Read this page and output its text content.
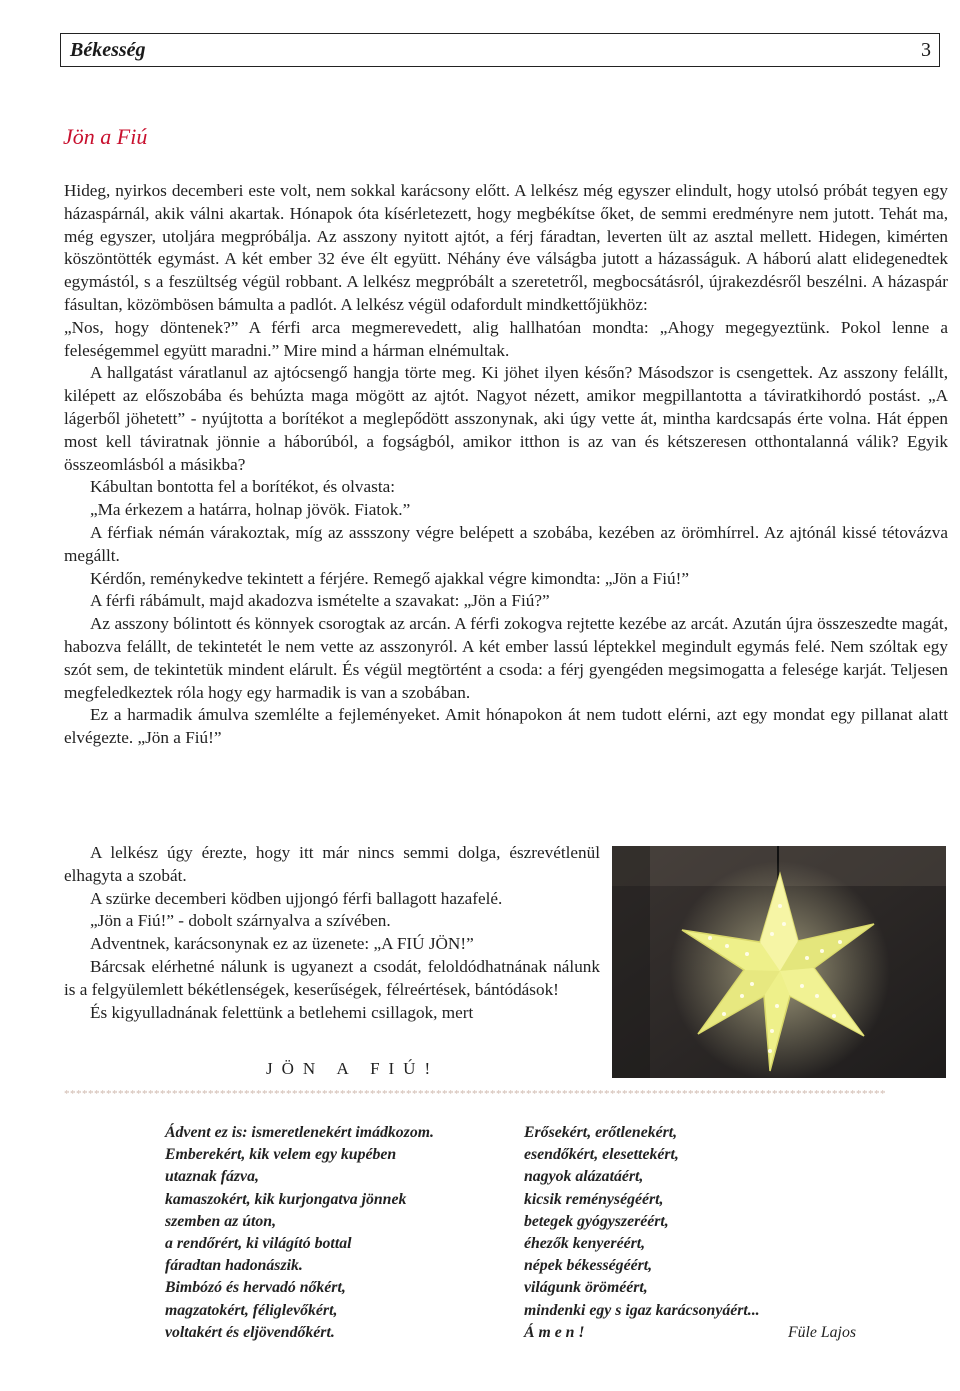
Békesség	3
Jön a Fiú

Hideg, nyirkos decemberi este volt, nem sokkal karácsony előtt. A lelkész még egyszer elindult, hogy utolsó próbát tegyen egy házaspárnál, akik válni akartak. Hónapok óta kísérletezett, hogy megbékítse őket, de semmi eredményre nem jutott. Tehát ma, még egyszer, utoljára megpróbálja. Az asszony nyitott ajtót, a férj fáradtan, leverten ült az asztal mellett. Hidegen, kimérten köszöntötték egymást. A két ember 32 éve élt együtt. Néhány éve válságba jutott a házasságuk. A háború alatt elidegenedtek egymástól, s a feszültség végül robbant. A lelkész megpróbált a szeretetről, megbocsátásról, újrakezdésről beszélni. A házaspár fásultan, közömbösen bámulta a padlót. A lelkész végül odafordult mindkettőjükhöz:

„Nos, hogy döntenek?” A férfi arca megmerevedett, alig hallhatóan mondta: „Ahogy megegyeztünk. Pokol lenne a feleségemmel együtt maradni.” Mire mind a hárman elnémultak.

A hallgatást váratlanul az ajtócsengő hangja törte meg. Ki jöhet ilyen későn? Másodszor is csengettek. Az asszony felállt, kilépett az előszobába és behúzta maga mögött az ajtót. Nagyot nézett, amikor megpillantotta a táviratkihordó postást. „A lágerből jöhetett” - nyújtotta a borítékot a meglepődött asszonynak, aki úgy vette át, mintha kardcsapás érte volna. Hát éppen most kell táviratnak jönnie a háborúból, a fogságból, amikor itthon is az van és kétszeresen otthontalanná válik? Egyik összeomlásból a másikba?

Kábultan bontotta fel a borítékot, és olvasta:

„Ma érkezem a határra, holnap jövök. Fiatok.”

A férfiak némán várakoztak, míg az assszony végre belépett a szobába, kezében az örömhírrel. Az ajtónál kissé tétovázva megállt.

Kérdőn, reménykedve tekintett a férjére. Remegő ajakkal végre kimondta: „Jön a Fiú!”

A férfi rábámult, majd akadozva ismételte a szavakat: „Jön a Fiú?”

Az asszony bólintott és könnyek csorogtak az arcán. A férfi zokogva rejtette kezébe az arcát. Azután újra összeszedte magát, habozva felállt, de tekintetét le nem vette az asszonyról. A két ember lassú léptekkel megindult egymás felé. Nem szóltak egy szót sem, de tekintetük mindent elárult. És végül megtörtént a csoda: a férj gyengéden megsimogatta a felesége karját. Teljesen megfeledkeztek róla hogy egy harmadik is van a szobában.

Ez a harmadik ámulva szemlélte a fejleményeket. Amit hónapokon át nem tudott elérni, azt egy mondat egy pillanat alatt elvégezte. „Jön a Fiú!”

A lelkész úgy érezte, hogy itt már nincs semmi dolga, észrevétlenül elhagyta a szobát.

A szürke decemberi ködben ujjongó férfi ballagott hazafelé.

„Jön a Fiú!” - dobolt szárnyalva a szívében.

Adventnek, karácsonynak ez az üzenete: „A FIÚ JÖN!”

Bárcsak elérhetné nálunk is ugyanezt a csodát, feloldódhatnának nálunk is a felgyülemlett békétlenségek, keserűségek, félreértések, bántódások!

És kigyulladnának felettünk a betlehemi csillagok, mert

JÖN A FIÚ!
*****************************************************************************************************************************************
Ádvent ez is: ismeretlenekért imádkozom.
Emberekért, kik velem egy kupében
utaznak fázva,
kamaszokért, kik kurjongatva jönnek
szemben az úton,
a rendőrért, ki világító bottal
fáradtan hadonászik.
Bimbózó és hervadó nőkért,
magzatokért, féliglevőkért,
voltakért és eljövendőkért.
Erősekért, erőtlenekért,
esendőkért, elesettekért,
nagyok alázatáért,
kicsik reménységéért,
betegek gyógyszeréért,
éhezők kenyeréért,
népek békességéért,
világunk öröméért,
mindenki egy s igaz karácsonyáért...
Á m e n !	Füle Lajos
